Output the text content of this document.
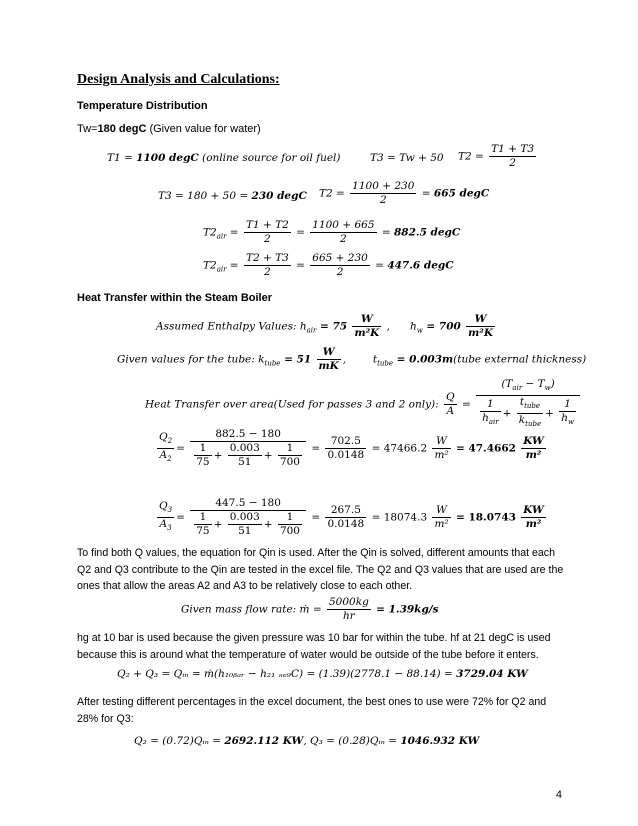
Design Analysis and Calculations:
Temperature Distribution
Tw=180 degC (Given value for water)
T1 = 1100 degC (online source for oil fuel)	T3 = Tw + 50 $T2 = \frac{T1 + T3}{2}$
T3 = 180 + 50 = 230 degC $T2 = \frac{1100 + 230}{2} = 665$ degC
$T2_{air} = \frac{T1 + T2}{2} = \frac{1100 + 665}{2} = 882.5$ degC
$T2_{air} = \frac{T2 + T3}{2} = \frac{665 + 230}{2} = 447.6$ degC
Heat Transfer within the Steam Boiler
Assumed Enthalpy Values: $h_{air} = 75 \frac{W}{\text{m²K}}$ , $h_w = 700 \frac{W}{\text{m²K}}$
Given values for the tube: $k_{tube} = 51 \frac{W}{mK}$ ,        $t_{tube}$ = 0.003m(tube external thickness)
Heat Transfer over area(Used for passes 3 and 2 only): $\frac{Q}{A} = \frac{(T_{air} - T_w)}{\frac{1}{h_{air}} + \frac{t_{tube}}{k_{tube}} + \frac{1}{h_w}}$
$\frac{Q_2}{A_2} = \frac{882.5 - 180}{\frac{1}{75} + \frac{0.003}{51} + \frac{1}{700}} = \frac{702.5}{0.0148} = 47466.2 \frac{W}{\text{m²}} = 47.4662 \frac{KW}{\text{m²}}$
$\frac{Q_3}{A_3} = \frac{447.5 - 180}{\frac{1}{75} + \frac{0.003}{51} + \frac{1}{700}} = \frac{267.5}{0.0148} = 18074.3 \frac{W}{\text{m²}} = 18.0743 \frac{KW}{\text{m²}}$
To find both Q values, the equation for Qin is used. After the Qin is solved, different amounts that each Q2 and Q3 contribute to the Qin are tested in the excel file. The Q2 and Q3 values that are used are the ones that allow the areas A2 and A3 to be relatively close to each other.
Given mass flow rate: ṁ = $\frac{5000kg}{hr} = 1.39kg/s$
hg at 10 bar is used because the given pressure was 10 bar for within the tube. hf at 21 degC is used because this is around what the temperature of water would be outside of the tube before it enters.
Q₂ + Q₃ = Qᵢₙ = ṁ(h₁₀ᵦₐᵣ − h₂₁ ₔₑ₉C) = (1.39)(2778.1 − 88.14) = 3729.04 KW
After testing different percentages in the excel document, the best ones to use were 72% for Q2 and 28% for Q3:
Q₂ = (0.72)Qᵢₙ = 2692.112 KW, Q₃ = (0.28)Qᵢₙ = 1046.932 KW
4
